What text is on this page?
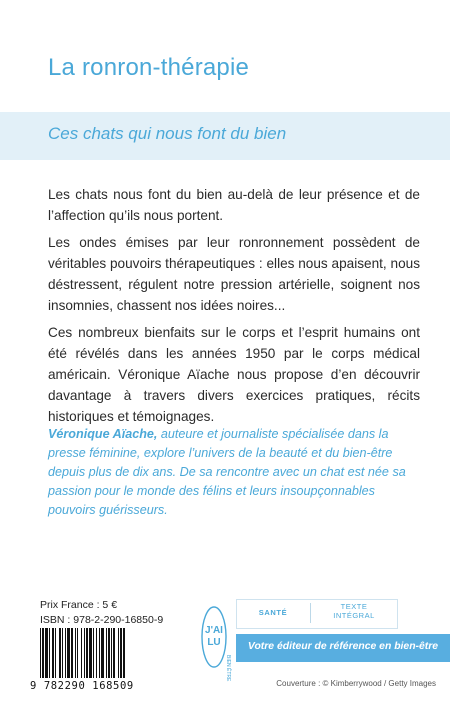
La ronron-thérapie
Ces chats qui nous font du bien

Les chats nous font du bien au-delà de leur présence et de l’affection qu’ils nous portent.

Les ondes émises par leur ronronnement possèdent de véritables pouvoirs thérapeutiques : elles nous apaisent, nous déstressent, régulent notre pression artérielle, soignent nos insomnies, chassent nos idées noires...

Ces nombreux bienfaits sur le corps et l’esprit humains ont été révélés dans les années 1950 par le corps médical américain. Véronique Aïache nous propose d’en découvrir davantage à travers divers exercices pratiques, récits historiques et témoignages.

Véronique Aïache, auteure et journaliste spécialisée dans la presse féminine, explore l’univers de la beauté et du bien-être depuis plus de dix ans. De sa rencontre avec un chat est née sa passion pour le monde des félins et leurs insoupçonnables pouvoirs guérisseurs.
Prix France : 5 €
ISBN : 978-2-290-16850-9
9 782290 168509
J'AI
LU
BIEN ÊTRE
SANTÉ
TEXTE
INTÉGRAL
Votre éditeur de référence en bien-être
Couverture : © Kimberrywood / Getty Images
